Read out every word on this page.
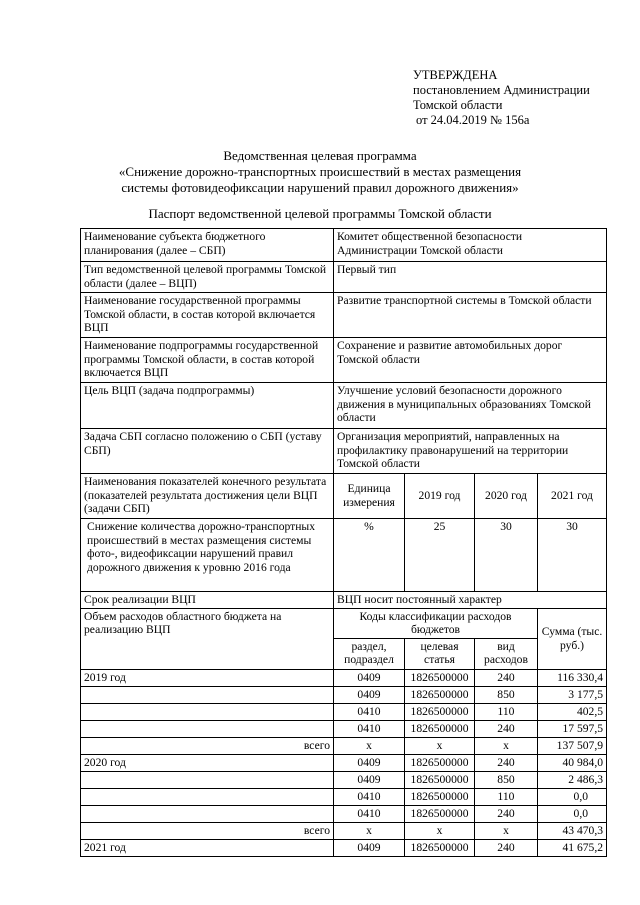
УТВЕРЖДЕНА
постановлением Администрации
Томской области
от 24.04.2019 № 156а
Ведомственная целевая программа
«Снижение дорожно-транспортных происшествий в местах размещения
системы фотовидеофиксации нарушений правил дорожного движения»
Паспорт ведомственной целевой программы Томской области
Наименование субъекта бюджетного планирования (далее – СБП)	Комитет общественной безопасности Администрации Томской области			
Тип ведомственной целевой программы Томской области (далее – ВЦП)	Первый тип			
Наименование государственной программы Томской области, в состав которой включается ВЦП	Развитие транспортной системы в Томской области			
Наименование подпрограммы государственной программы Томской области, в состав которой включается ВЦП	Сохранение и развитие автомобильных дорог Томской области			
Цель ВЦП (задача подпрограммы)	Улучшение условий безопасности дорожного движения в муниципальных образованиях Томской области			
Задача СБП согласно положению о СБП (уставу СБП)	Организация мероприятий, направленных на профилактику правонарушений на территории Томской области			
Наименования показателей конечного результата (показателей результата достижения цели ВЦП (задачи СБП)	Единица измерения	2019 год	2020 год	2021 год
Снижение количества дорожно-транспортных происшествий в местах размещения системы фото-, видеофиксации нарушений правил дорожного движения к уровню 2016 года	%	25	30	30
Срок реализации ВЦП	ВЦП носит постоянный характер			
Объем расходов областного бюджета на реализацию ВЦП	Коды классификации расходов бюджетов			Сумма (тыс. руб.)
	раздел, подраздел	целевая статья	вид расходов	
2019 год	0409	1826500000	240	116 330,4
	0409	1826500000	850	3 177,5
	0410	1826500000	110	402,5
	0410	1826500000	240	17 597,5
всего	x	x	x	137 507,9
2020 год	0409	1826500000	240	40 984,0
	0409	1826500000	850	2 486,3
	0410	1826500000	110	0,0
	0410	1826500000	240	0,0
всего	x	x	x	43 470,3
2021 год	0409	1826500000	240	41 675,2
